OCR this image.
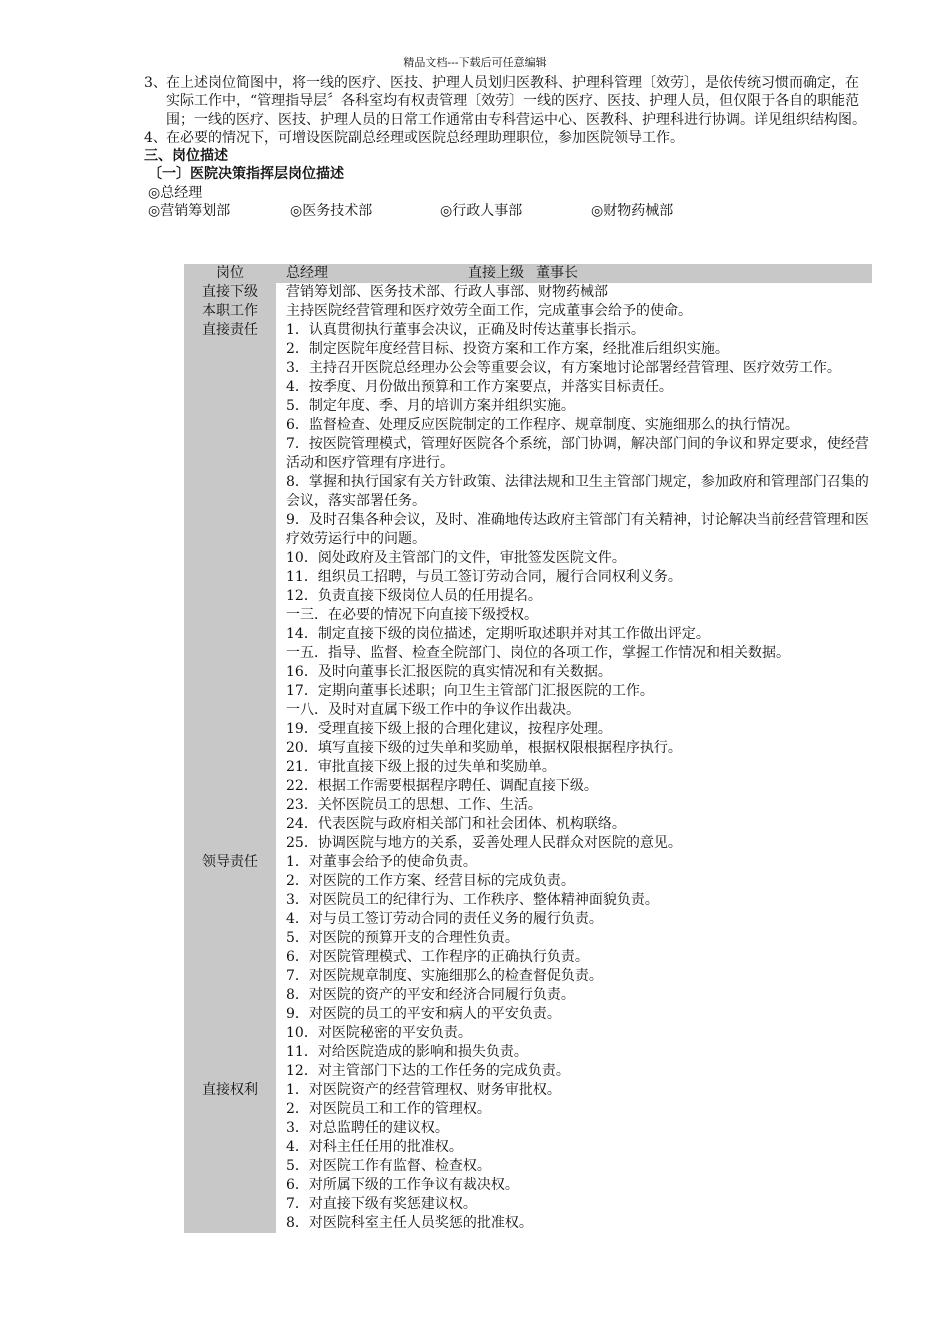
精品文档---下载后可任意编辑
3、 在上述岗位简图中，将一线的医疗、医技、护理人员划归医教科、护理科管理〔效劳〕，是依传统习惯而确定，在实际工作中，“管理指导层〞各科室均有权责管理〔效劳〕一线的医疗、医技、护理人员，但仅限于各自的职能范围；一线的医疗、医技、护理人员的日常工作通常由专科营运中心、医教科、护理科进行协调。详见组织结构图。
4、 在必要的情况下，可增设医院副总经理或医院总经理助理职位，参加医院领导工作。
三、岗位描述
〔一〕医院决策指挥层岗位描述
◎总经理
◎营销筹划部	◎医务技术部	◎行政人事部	◎财物药械部
岗位	总经理	直接上级 董事长
直接下级	营销筹划部、医务技术部、行政人事部、财物药械部
本职工作	主持医院经营管理和医疗效劳全面工作，完成董事会给予的使命。
直接责任	1．认真贯彻执行董事会决议，正确及时传达董事长指示。
2．制定医院年度经营目标、投资方案和工作方案，经批准后组织实施。
3．主持召开医院总经理办公会等重要会议，有方案地讨论部署经营管理、医疗效劳工作。
4．按季度、月份做出预算和工作方案要点，并落实目标责任。
5．制定年度、季、月的培训方案并组织实施。
6．监督检查、处理反应医院制定的工作程序、规章制度、实施细那么的执行情况。
7．按医院管理模式，管理好医院各个系统，部门协调，解决部门间的争议和界定要求，使经营活动和医疗管理有序进行。
8．掌握和执行国家有关方针政策、法律法规和卫生主管部门规定，参加政府和管理部门召集的会议，落实部署任务。
9．及时召集各种会议，及时、准确地传达政府主管部门有关精神，讨论解决当前经营管理和医疗效劳运行中的问题。
10．阅处政府及主管部门的文件，审批签发医院文件。
11．组织员工招聘，与员工签订劳动合同，履行合同权利义务。
12．负责直接下级岗位人员的任用提名。
一三．在必要的情况下向直接下级授权。
14．制定直接下级的岗位描述，定期听取述职并对其工作做出评定。
一五．指导、监督、检查全院部门、岗位的各项工作，掌握工作情况和相关数据。
16．及时向董事长汇报医院的真实情况和有关数据。
17．定期向董事长述职；向卫生主管部门汇报医院的工作。
一八．及时对直属下级工作中的争议作出裁决。
19．受理直接下级上报的合理化建议，按程序处理。
20．填写直接下级的过失单和奖励单，根据权限根据程序执行。
21．审批直接下级上报的过失单和奖励单。
22．根据工作需要根据程序聘任、调配直接下级。
23．关怀医院员工的思想、工作、生活。
24．代表医院与政府相关部门和社会团体、机构联络。
25．协调医院与地方的关系，妥善处理人民群众对医院的意见。
领导责任	1．对董事会给予的使命负责。
2．对医院的工作方案、经营目标的完成负责。
3．对医院员工的纪律行为、工作秩序、整体精神面貌负责。
4．对与员工签订劳动合同的责任义务的履行负责。
5．对医院的预算开支的合理性负责。
6．对医院管理模式、工作程序的正确执行负责。
7．对医院规章制度、实施细那么的检查督促负责。
8．对医院的资产的平安和经济合同履行负责。
9．对医院的员工的平安和病人的平安负责。
10．对医院秘密的平安负责。
11．对给医院造成的影响和损失负责。
12．对主管部门下达的工作任务的完成负责。
直接权利	1．对医院资产的经营管理权、财务审批权。
2．对医院员工和工作的管理权。
3．对总监聘任的建议权。
4．对科主任任用的批准权。
5．对医院工作有监督、检查权。
6．对所属下级的工作争议有裁决权。
7．对直接下级有奖惩建议权。
8．对医院科室主任人员奖惩的批准权。
